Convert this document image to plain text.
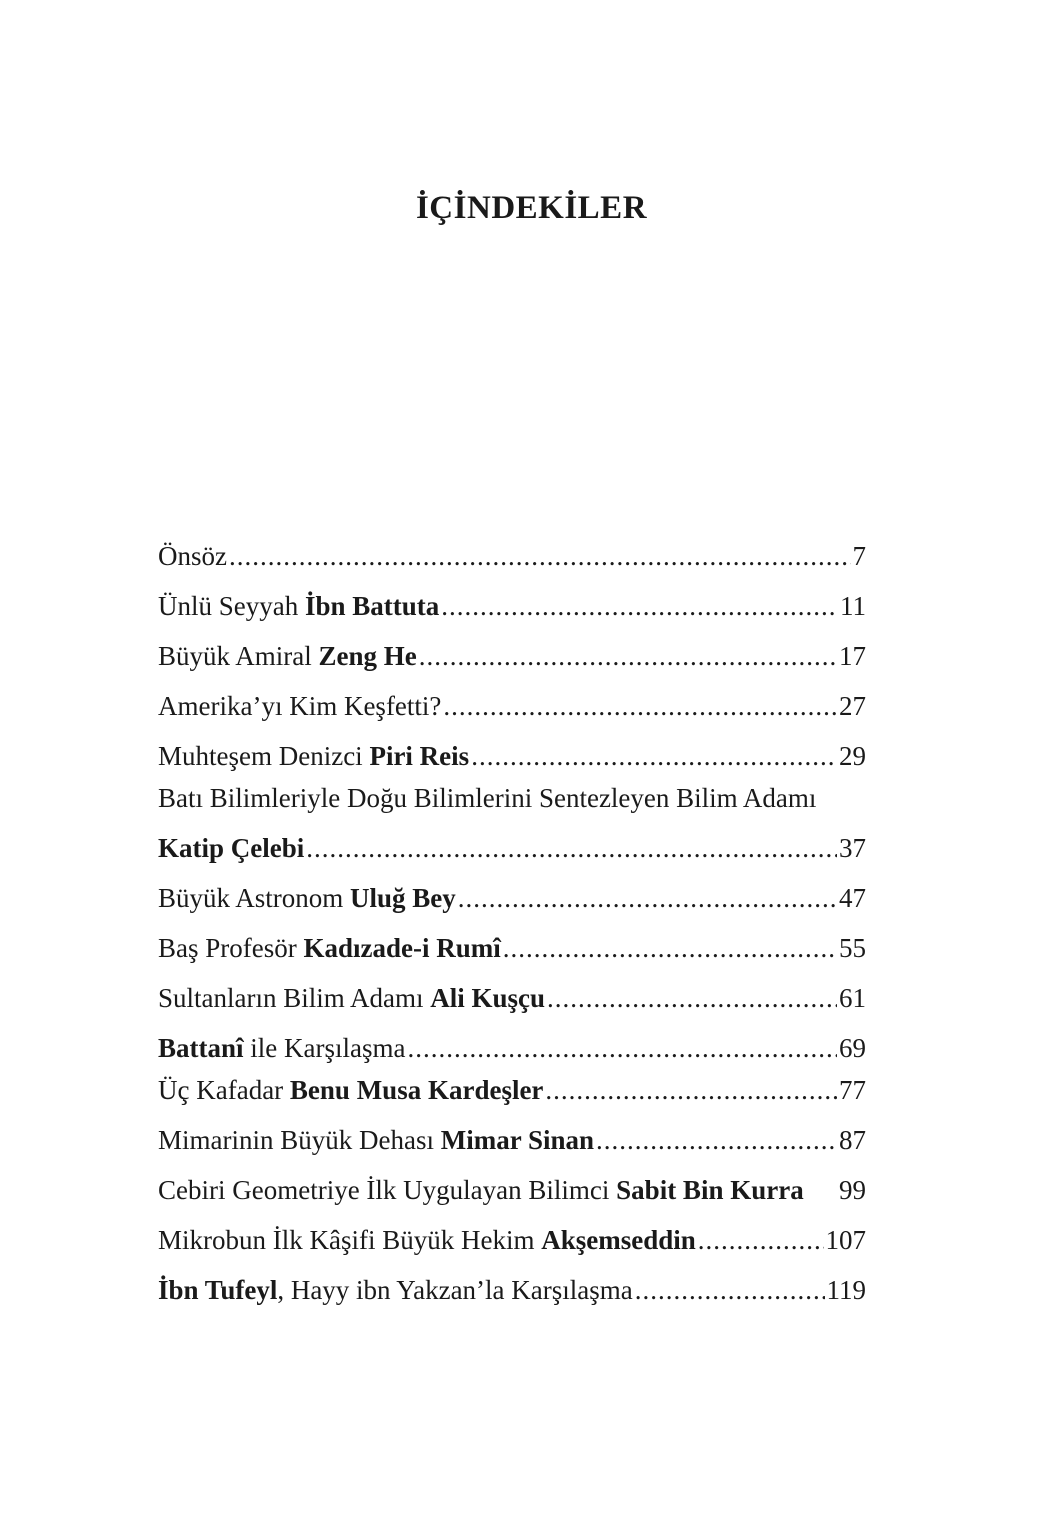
İÇİNDEKİLER
Önsöz .....	7
Ünlü Seyyah İbn Battuta .....	11
Büyük Amiral Zeng He .....	17
Amerika’yı Kim Keşfetti? .....	27
Muhteşem Denizci Piri Reis .....	29
Batı Bilimleriyle Doğu Bilimlerini Sentezleyen Bilim Adamı
Katip Çelebi .....	37
Büyük Astronom Uluğ Bey .....	47
Baş Profesör Kadızade-i Rumî .....	55
Sultanların Bilim Adamı Ali Kuşçu .....	61
Battanî ile Karşılaşma .....	69
Üç Kafadar Benu Musa Kardeşler .....	77
Mimarinin Büyük Dehası Mimar Sinan .....	87
Cebiri Geometriye İlk Uygulayan Bilimci Sabit Bin Kurra 99
Mikrobun İlk Kâşifi Büyük Hekim Akşemseddin .....	107
İbn Tufeyl, Hayy ibn Yakzan’la Karşılaşma .....	119
